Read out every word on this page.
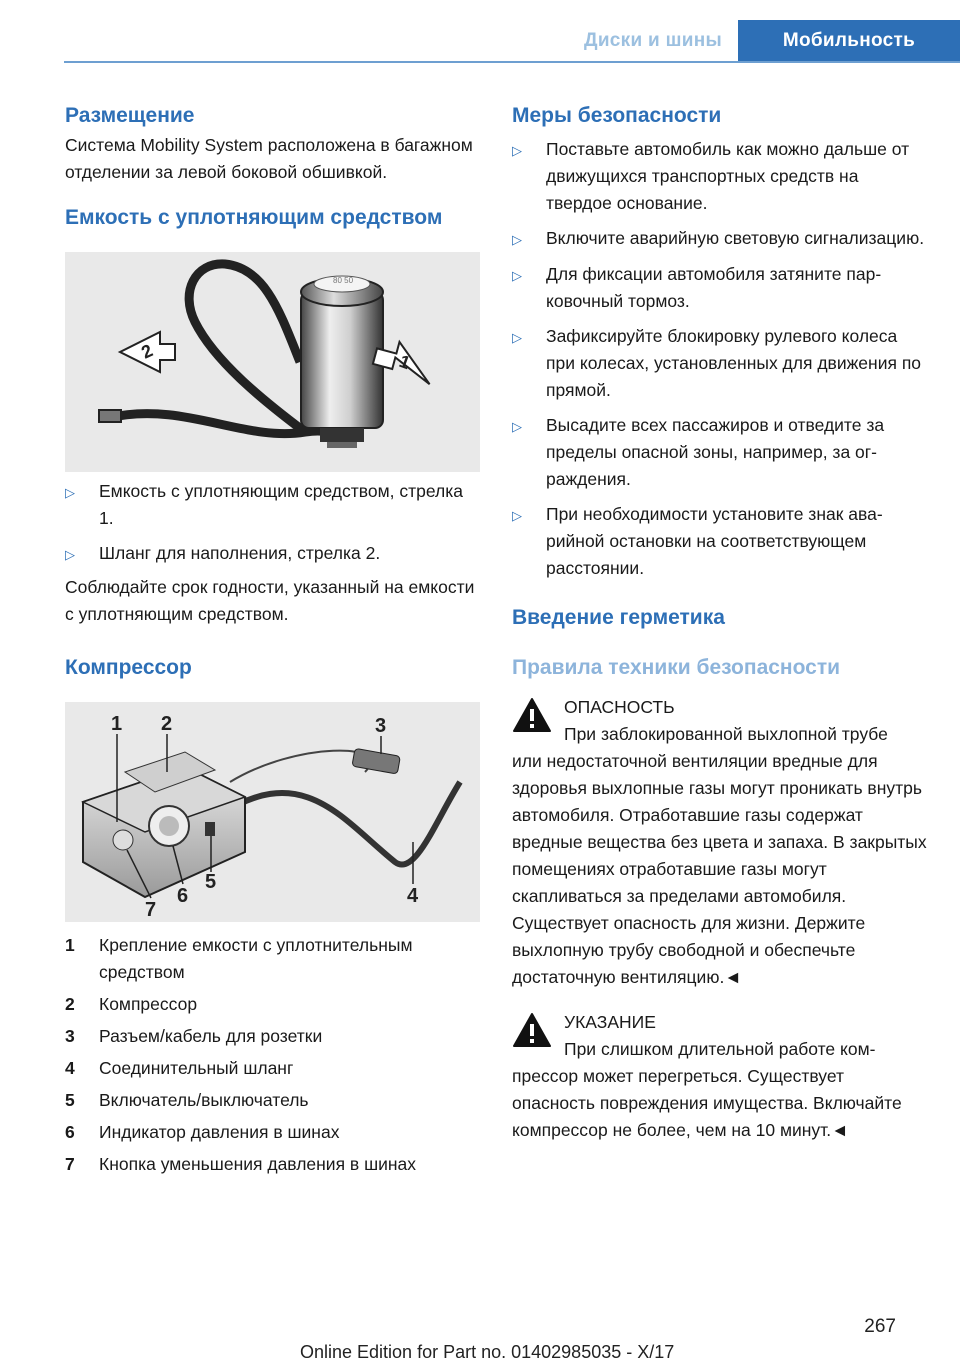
Диски и шины	Мобильность
Размещение

Система Mobility System расположена в багажном отделении за левой боковой обшивкой.

Емкость с уплотняющим средством
80 50
2	1
▷	Емкость с уплотняющим средством, стрелка 1.
▷	Шланг для наполнения, стрелка 2.

Соблюдайте срок годности, указанный на емкости с уплотняющим средством.

Компрессор
1 2	3
4
5
6
7
1	Крепление емкости с уплотнительным средством
2	Компрессор
3	Разъем/кабель для розетки
4	Соединительный шланг
5	Включатель/выключатель
6	Индикатор давления в шинах
7	Кнопка уменьшения давления в шинах
Меры безопасности
▷	Поставьте автомобиль как можно дальше от движущихся транспортных средств на твердое основание.
▷	Включите аварийную световую сигнализацию.
▷	Для фиксации автомобиля затяните парковочный тормоз.
▷	Зафиксируйте блокировку рулевого колеса при колесах, установленных для движения по прямой.
▷	Высадите всех пассажиров и отведите за пределы опасной зоны, например, за ограждения.
▷	При необходимости установите знак аварийной остановки на соответствующем расстоянии.
Введение герметика
Правила техники безопасности
ОПАСНОСТЬ
При заблокированной выхлопной трубе
или недостаточной вентиляции вредные для здоровья выхлопные газы могут проникать внутрь автомобиля. Отработавшие газы содержат вредные вещества без цвета и запаха. В закрытых помещениях отработавшие газы могут скапливаться за пределами автомобиля. Существует опасность для жизни. Держите выхлопную трубу свободной и обеспечьте достаточную вентиляцию.◄
УКАЗАНИЕ
При слишком длительной работе ком-
прессор может перегреться. Существует опасность повреждения имущества. Включайте компрессор не более, чем на 10 минут.◄
267
Online Edition for Part no. 01402985035 - X/17
